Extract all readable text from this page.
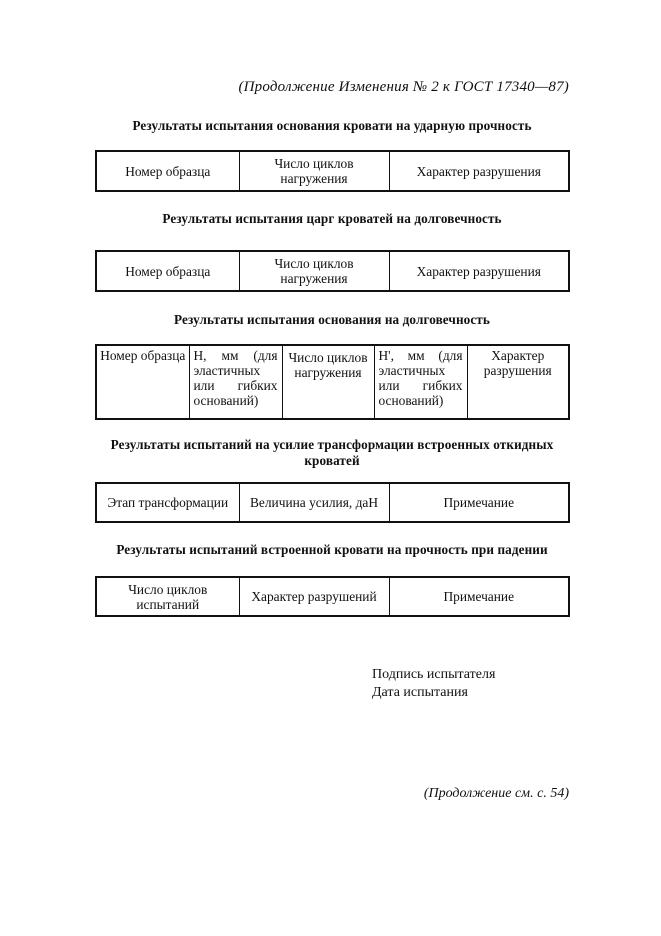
(Продолжение Изменения № 2 к ГОСТ 17340—87)
Результаты испытания основания кровати на ударную прочность
Номер образца	Число циклов нагружения	Характер разрушения
Результаты испытания царг кроватей на долговечность
Номер образца	Число циклов нагружения	Характер разрушения
Результаты испытания основания на долговечность
Номер образца	H, мм (для эластичных или гибких оснований)	Число циклов нагружения	H', мм (для эластичных или гибких оснований)	Характер разрушения
Результаты испытаний на усилие трансформации встроенных откидных кроватей
Этап трансформации	Величина усилия, даН	Примечание
Результаты испытаний встроенной кровати на прочность при падении
Число циклов испытаний	Характер разрушений	Примечание
Подпись испытателя
Дата испытания
(Продолжение см. с. 54)
